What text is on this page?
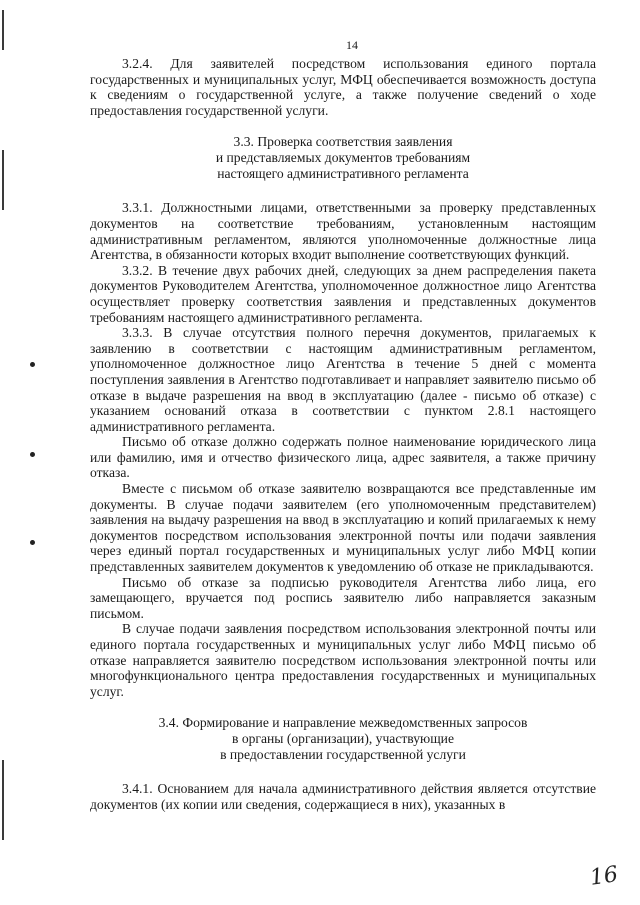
14

3.2.4. Для заявителей посредством использования единого портала государственных и муниципальных услуг, МФЦ обеспечивается возможность доступа к сведениям о государственной услуге, а также получение сведений о ходе предоставления государственной услуги.

3.3. Проверка соответствия заявления
и представляемых документов требованиям
настоящего административного регламента

3.3.1. Должностными лицами, ответственными за проверку представленных документов на соответствие требованиям, установленным настоящим административным регламентом, являются уполномоченные должностные лица Агентства, в обязанности которых входит выполнение соответствующих функций.

3.3.2. В течение двух рабочих дней, следующих за днем распределения пакета документов Руководителем Агентства, уполномоченное должностное лицо Агентства осуществляет проверку соответствия заявления и представленных документов требованиям настоящего административного регламента.

3.3.3. В случае отсутствия полного перечня документов, прилагаемых к заявлению в соответствии с настоящим административным регламентом, уполномоченное должностное лицо Агентства в течение 5 дней с момента поступления заявления в Агентство подготавливает и направляет заявителю письмо об отказе в выдаче разрешения на ввод в эксплуатацию (далее - письмо об отказе) с указанием оснований отказа в соответствии с пунктом 2.8.1 настоящего административного регламента.

Письмо об отказе должно содержать полное наименование юридического лица или фамилию, имя и отчество физического лица, адрес заявителя, а также причину отказа.

Вместе с письмом об отказе заявителю возвращаются все представленные им документы. В случае подачи заявителем (его уполномоченным представителем) заявления на выдачу разрешения на ввод в эксплуатацию и копий прилагаемых к нему документов посредством использования электронной почты или подачи заявления через единый портал государственных и муниципальных услуг либо МФЦ копии представленных заявителем документов к уведомлению об отказе не прикладываются.

Письмо об отказе за подписью руководителя Агентства либо лица, его замещающего, вручается под роспись заявителю либо направляется заказным письмом.

В случае подачи заявления посредством использования электронной почты или единого портала государственных и муниципальных услуг либо МФЦ письмо об отказе направляется заявителю посредством использования электронной почты или многофункционального центра предоставления государственных и муниципальных услуг.

3.4. Формирование и направление межведомственных запросов
в органы (организации), участвующие
в предоставлении государственной услуги

3.4.1. Основанием для начала административного действия является отсутствие документов (их копии или сведения, содержащиеся в них), указанных в

16
